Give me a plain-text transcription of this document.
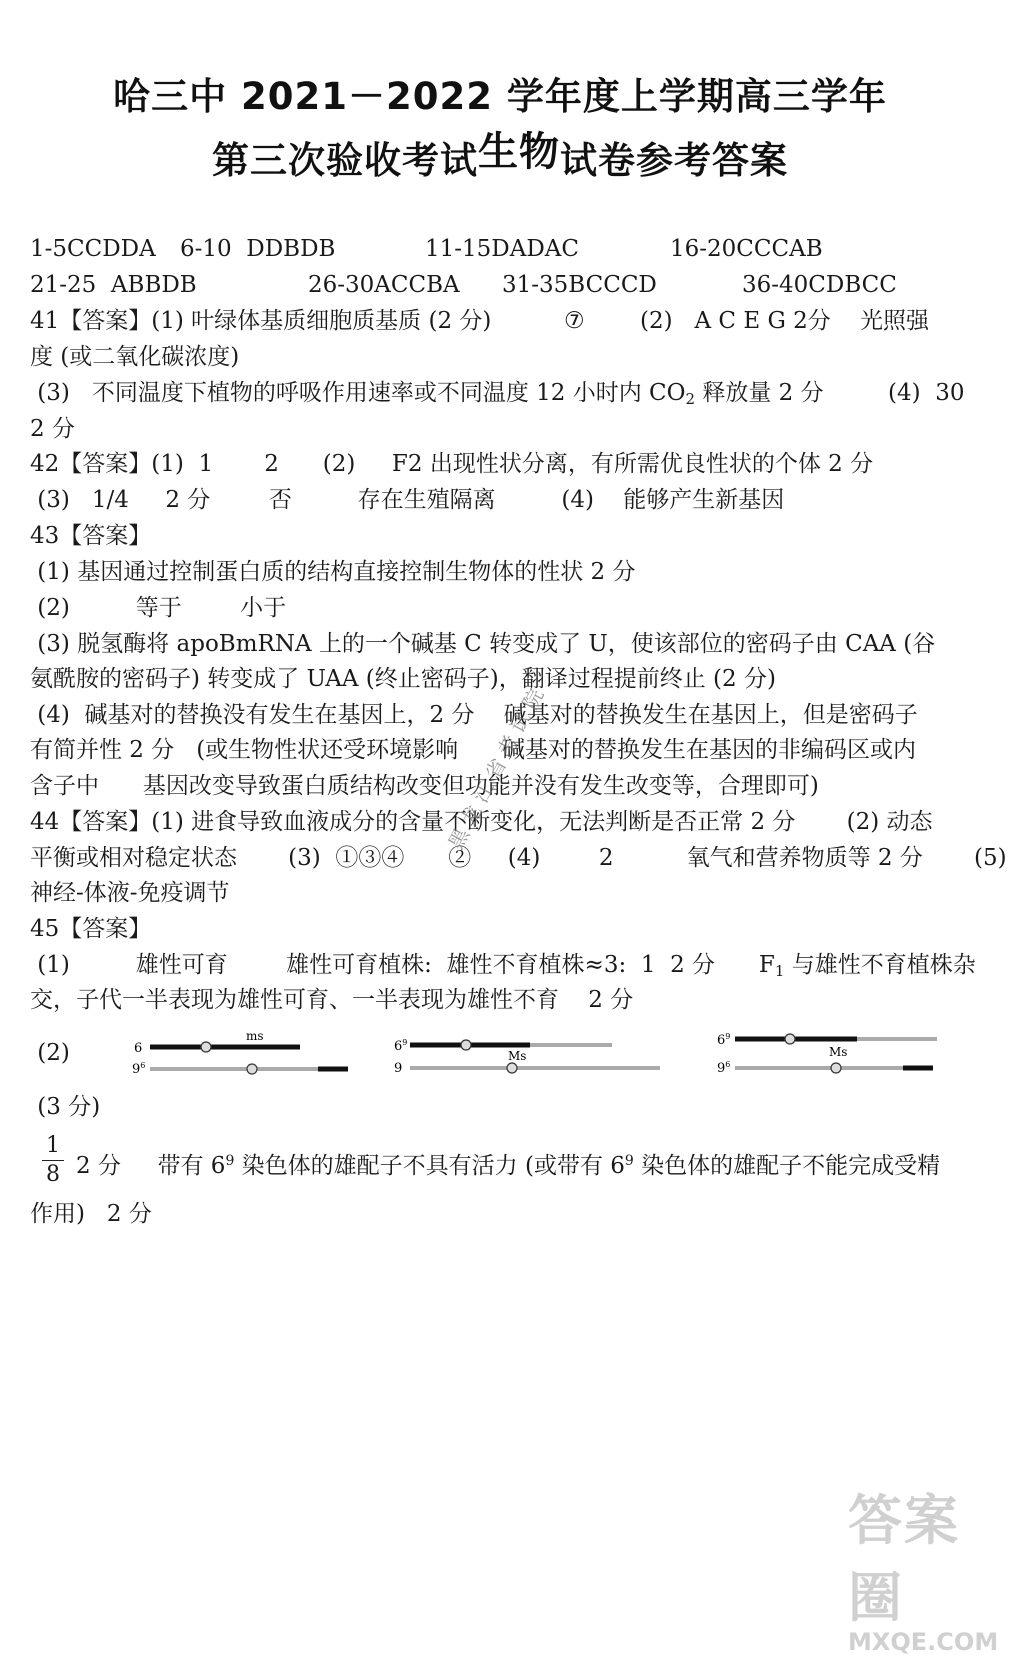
哈三中 2021－2022 学年度上学期高三学年
第三次验收考试生物试卷参考答案
1-5CCDDA 6-10  DDBDB	11-15DADAC	16-20CCCAB
21-25  ABBDB	26-30ACCBA 31-35BCCCD	36-40CDBCC
41【答案】(1) 叶绿体基质细胞质基质 (2 分)	⑦ (2)   A C E G 2分    光照强
度 (或二氧化碳浓度)
(3)   不同温度下植物的呼吸作用速率或不同温度 12 小时内 $CO_2$ 释放量 2 分	(4)  30
2 分
42【答案】(1)  1       2      (2)     F2 出现性状分离，有所需优良性状的个体 2 分
(3)   1/4     2 分        否         存在生殖隔离         (4)    能够产生新基因
43【答案】
(1) 基因通过控制蛋白质的结构直接控制生物体的性状 2 分
(2)         等于        小于
(3) 脱氢酶将 apoBmRNA 上的一个碱基 C 转变成了 U，使该部位的密码子由 CAA (谷
氨酰胺的密码子) 转变成了 UAA (终止密码子)，翻译过程提前终止 (2 分)
(4)  碱基对的替换没有发生在基因上，2 分    碱基对的替换发生在基因上，但是密码子
有简并性 2 分   (或生物性状还受环境影响      碱基对的替换发生在基因的非编码区或内
含子中      基因改变导致蛋白质结构改变但功能并没有发生改变等，合理即可)
44【答案】(1) 进食导致血液成分的含量不断变化，无法判断是否正常 2 分       (2) 动态
平衡或相对稳定状态       (3)  ①③④      ②     (4)        2          氧气和营养物质等 2 分       (5)
神经-体液-免疫调节
45【答案】
(1)         雄性可育        雄性可育植株:  雄性不育植株≈3:  1  2 分      $F_1$ 与雄性不育植株杂
交，子代一半表现为雄性可育、一半表现为雄性不育    2 分
(2)	6
ms
$9^6$
$6^9$
Ms
9
$6^9$
Ms
$9^6$
(3 分)
$\frac{1}{8} 2$ 分     带有 $6^9$ 染色体的雄配子不具有活力 (或带有 $6^9$ 染色体的雄配子不能完成受精
作用)   2 分
黑 龙 江 省 考 试 院
答案圈
MXQE.COM
